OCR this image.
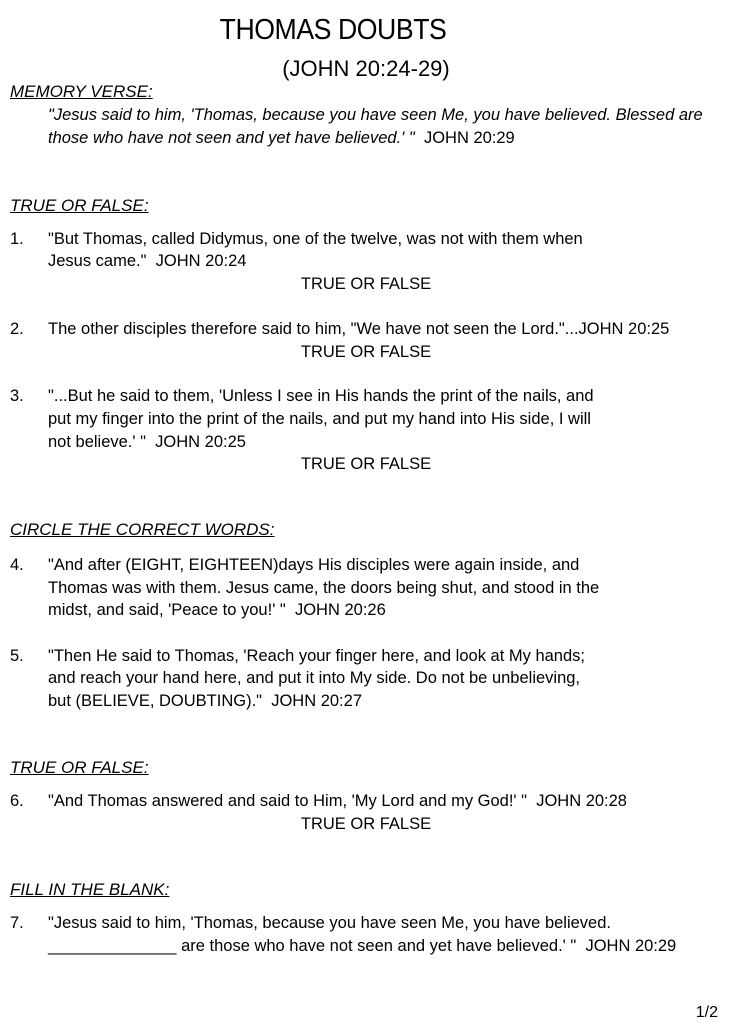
THOMAS DOUBTS
(JOHN 20:24-29)
MEMORY VERSE:
"Jesus said to him, 'Thomas, because you have seen Me, you have believed. Blessed are
those who have not seen and yet have believed.' " JOHN 20:29
TRUE OR FALSE:
1. "But Thomas, called Didymus, one of the twelve, was not with them when
Jesus came." JOHN 20:24
TRUE OR FALSE
2. The other disciples therefore said to him, "We have not seen the Lord."...JOHN 20:25
TRUE OR FALSE
3. "...But he said to them, 'Unless I see in His hands the print of the nails, and
put my finger into the print of the nails, and put my hand into His side, I will
not believe.' " JOHN 20:25
TRUE OR FALSE
CIRCLE THE CORRECT WORDS:
4. "And after (EIGHT, EIGHTEEN)days His disciples were again inside, and
Thomas was with them. Jesus came, the doors being shut, and stood in the
midst, and said, 'Peace to you!' " JOHN 20:26
5. "Then He said to Thomas, 'Reach your finger here, and look at My hands;
and reach your hand here, and put it into My side. Do not be unbelieving,
but (BELIEVE, DOUBTING)." JOHN 20:27
TRUE OR FALSE:
6. "And Thomas answered and said to Him, 'My Lord and my God!' " JOHN 20:28
TRUE OR FALSE
FILL IN THE BLANK:
7. "Jesus said to him, 'Thomas, because you have seen Me, you have believed.
______________ are those who have not seen and yet have believed.' " JOHN 20:29
1/2
